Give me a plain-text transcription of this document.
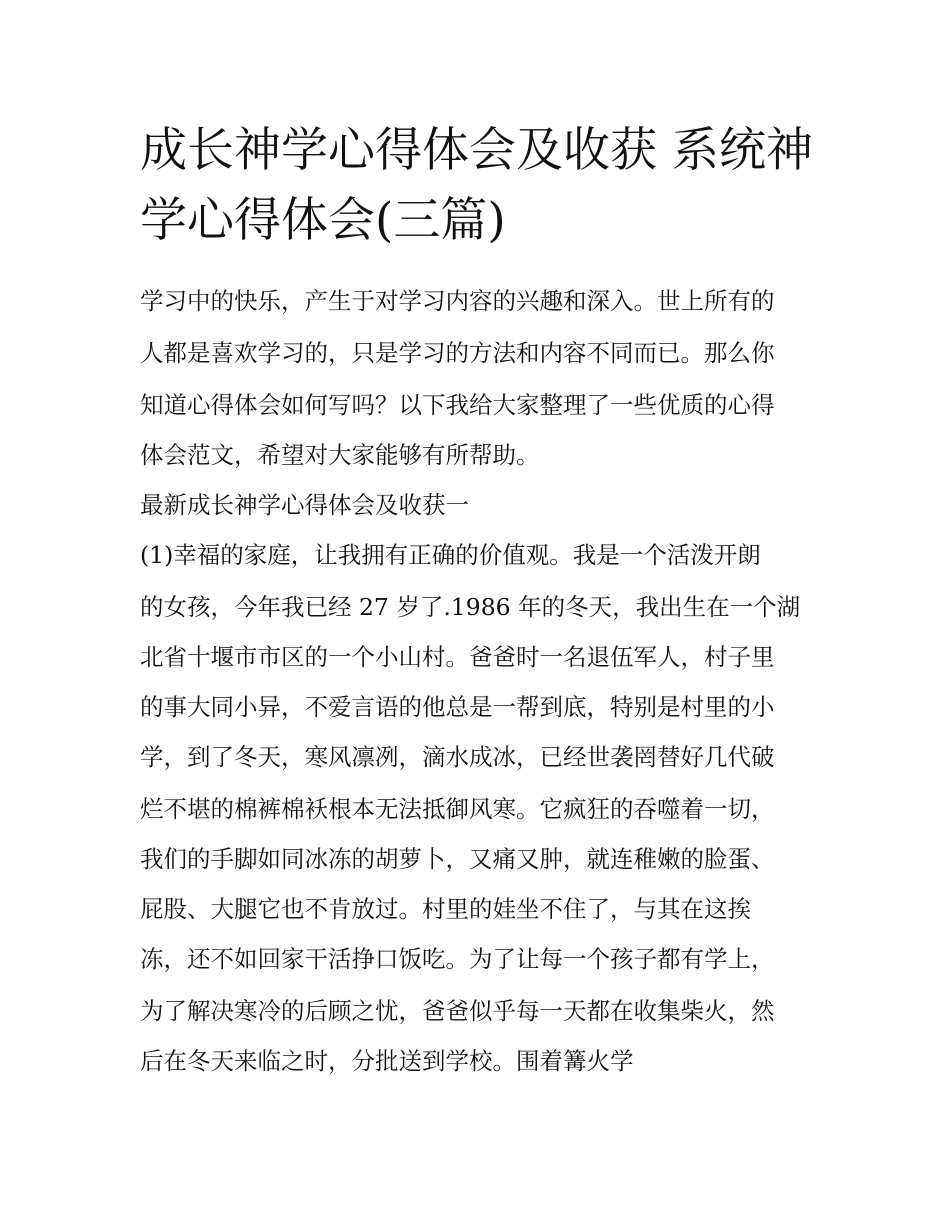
成长神学心得体会及收获 系统神学心得体会(三篇)

学习中的快乐，产生于对学习内容的兴趣和深入。世上所有的

人都是喜欢学习的，只是学习的方法和内容不同而已。那么你

知道心得体会如何写吗？以下我给大家整理了一些优质的心得

体会范文，希望对大家能够有所帮助。

最新成长神学心得体会及收获一

(1)幸福的家庭，让我拥有正确的价值观。我是一个活泼开朗

的女孩，今年我已经 27 岁了.1986 年的冬天，我出生在一个湖

北省十堰市市区的一个小山村。爸爸时一名退伍军人，村子里

的事大同小异，不爱言语的他总是一帮到底，特别是村里的小

学，到了冬天，寒风凛冽，滴水成冰，已经世袭罔替好几代破

烂不堪的棉裤棉袄根本无法抵御风寒。它疯狂的吞噬着一切，

我们的手脚如同冰冻的胡萝卜，又痛又肿，就连稚嫩的脸蛋、

屁股、大腿它也不肯放过。村里的娃坐不住了，与其在这挨

冻，还不如回家干活挣口饭吃。为了让每一个孩子都有学上，

为了解决寒冷的后顾之忧，爸爸似乎每一天都在收集柴火，然

后在冬天来临之时，分批送到学校。围着篝火学
